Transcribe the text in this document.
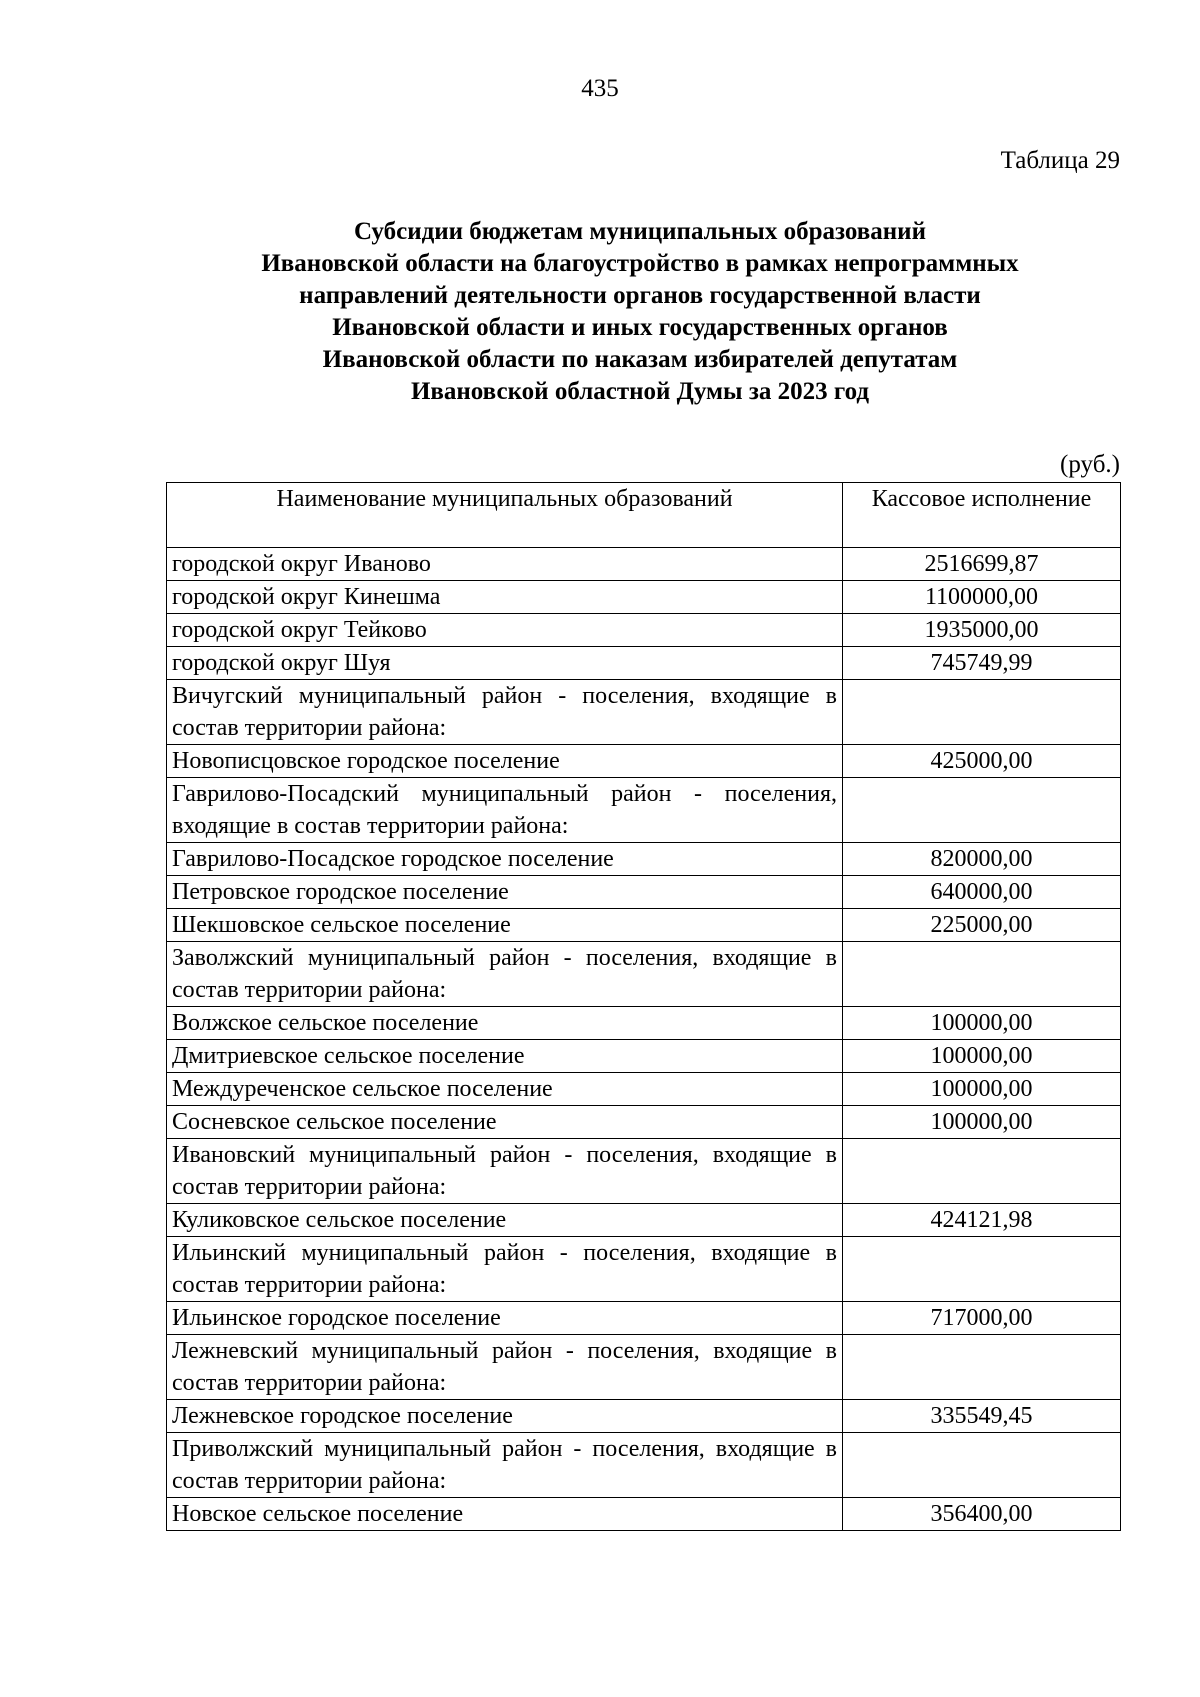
435
Таблица 29
Субсидии бюджетам муниципальных образований
Ивановской области на благоустройство в рамках непрограммных
направлений деятельности органов государственной власти
Ивановской области и иных государственных органов
Ивановской области по наказам избирателей депутатам
Ивановской областной Думы за 2023 год
(руб.)
Наименование муниципальных образований	Кассовое исполнение
городской округ Иваново	2516699,87
городской округ Кинешма	1100000,00
городской округ Тейково	1935000,00
городской округ Шуя	745749,99
Вичугский муниципальный район - поселения, входящие в состав территории района:	
Новописцовское городское поселение	425000,00
Гаврилово-Посадский муниципальный район - поселения, входящие в состав территории района:	
Гаврилово-Посадское городское поселение	820000,00
Петровское городское поселение	640000,00
Шекшовское сельское поселение	225000,00
Заволжский муниципальный район - поселения, входящие в состав территории района:	
Волжское сельское поселение	100000,00
Дмитриевское сельское поселение	100000,00
Междуреченское сельское поселение	100000,00
Сосневское сельское поселение	100000,00
Ивановский муниципальный район - поселения, входящие в состав территории района:	
Куликовское сельское поселение	424121,98
Ильинский муниципальный район - поселения, входящие в состав территории района:	
Ильинское городское поселение	717000,00
Лежневский муниципальный район - поселения, входящие в состав территории района:	
Лежневское городское поселение	335549,45
Приволжский муниципальный район - поселения, входящие в состав территории района:	
Новское сельское поселение	356400,00
